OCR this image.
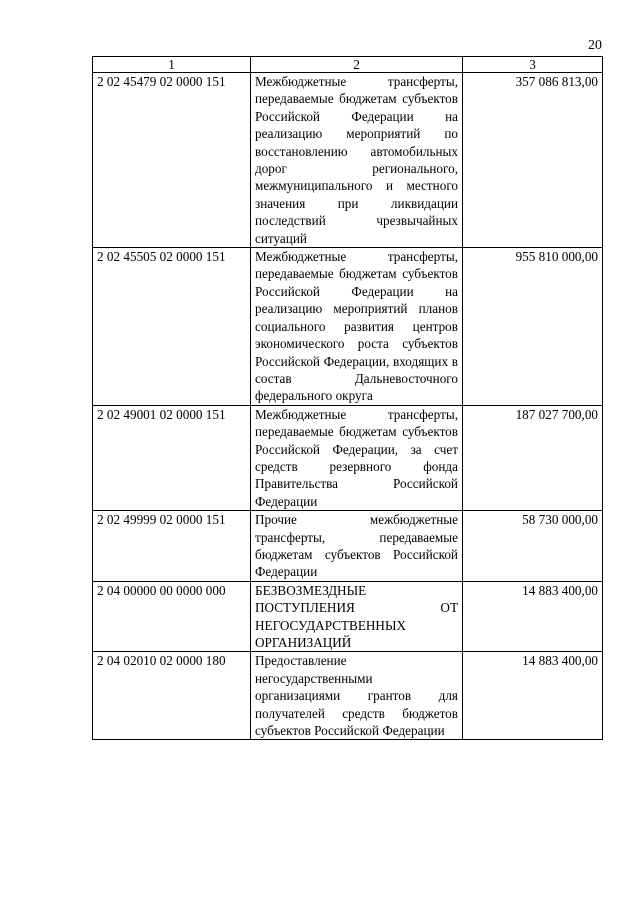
20
1	2	3
2 02 45479 02 0000 151	Межбюджетные трансферты, передаваемые бюджетам субъектов Российской Федерации на реализацию мероприятий по восстановлению автомобильных дорог регионального, межмуниципального и местного значения при ликвидации последствий чрезвычайных ситуаций	357 086 813,00
2 02 45505 02 0000 151	Межбюджетные трансферты, передаваемые бюджетам субъектов Российской Федерации на реализацию мероприятий планов социального развития центров экономического роста субъектов Российской Федерации, входящих в состав Дальневосточного федерального округа	955 810 000,00
2 02 49001 02 0000 151	Межбюджетные трансферты, передаваемые бюджетам субъектов Российской Федерации, за счет средств резервного фонда Правительства Российской Федерации	187 027 700,00
2 02 49999 02 0000 151	Прочие межбюджетные трансферты, передаваемые бюджетам субъектов Российской Федерации	58 730 000,00
2 04 00000 00 0000 000	БЕЗВОЗМЕЗДНЫЕ ПОСТУПЛЕНИЯ ОТ НЕГОСУДАРСТВЕННЫХ ОРГАНИЗАЦИЙ	14 883 400,00
2 04 02010 02 0000 180	Предоставление негосударственными организациями грантов для получателей средств бюджетов субъектов Российской Федерации	14 883 400,00
